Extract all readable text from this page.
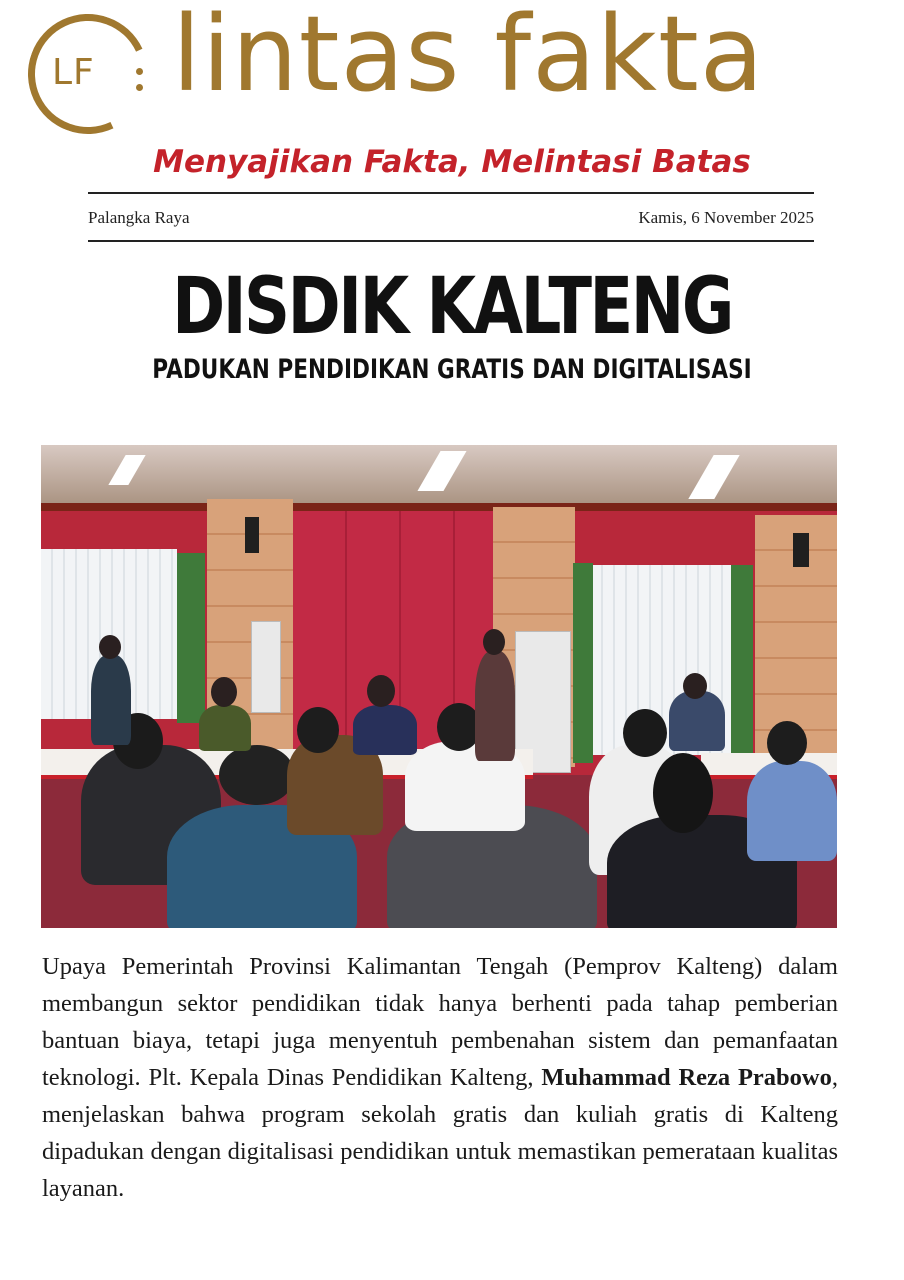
LF lintas fakta
Menyajikan Fakta, Melintasi Batas
Palangka Raya	Kamis, 6 November 2025
DISDIK KALTENG
PADUKAN PENDIDIKAN GRATIS DAN DIGITALISASI
Upaya Pemerintah Provinsi Kalimantan Tengah (Pemprov Kalteng) dalam membangun sektor pendidikan tidak hanya berhenti pada tahap pemberian bantuan biaya, tetapi juga menyentuh pembenahan sistem dan pemanfaatan teknologi. Plt. Kepala Dinas Pendidikan Kalteng, Muhammad Reza Prabowo, menjelaskan bahwa program sekolah gratis dan kuliah gratis di Kalteng dipadukan dengan digitalisasi pendidikan untuk memastikan pemerataan kualitas layanan.
